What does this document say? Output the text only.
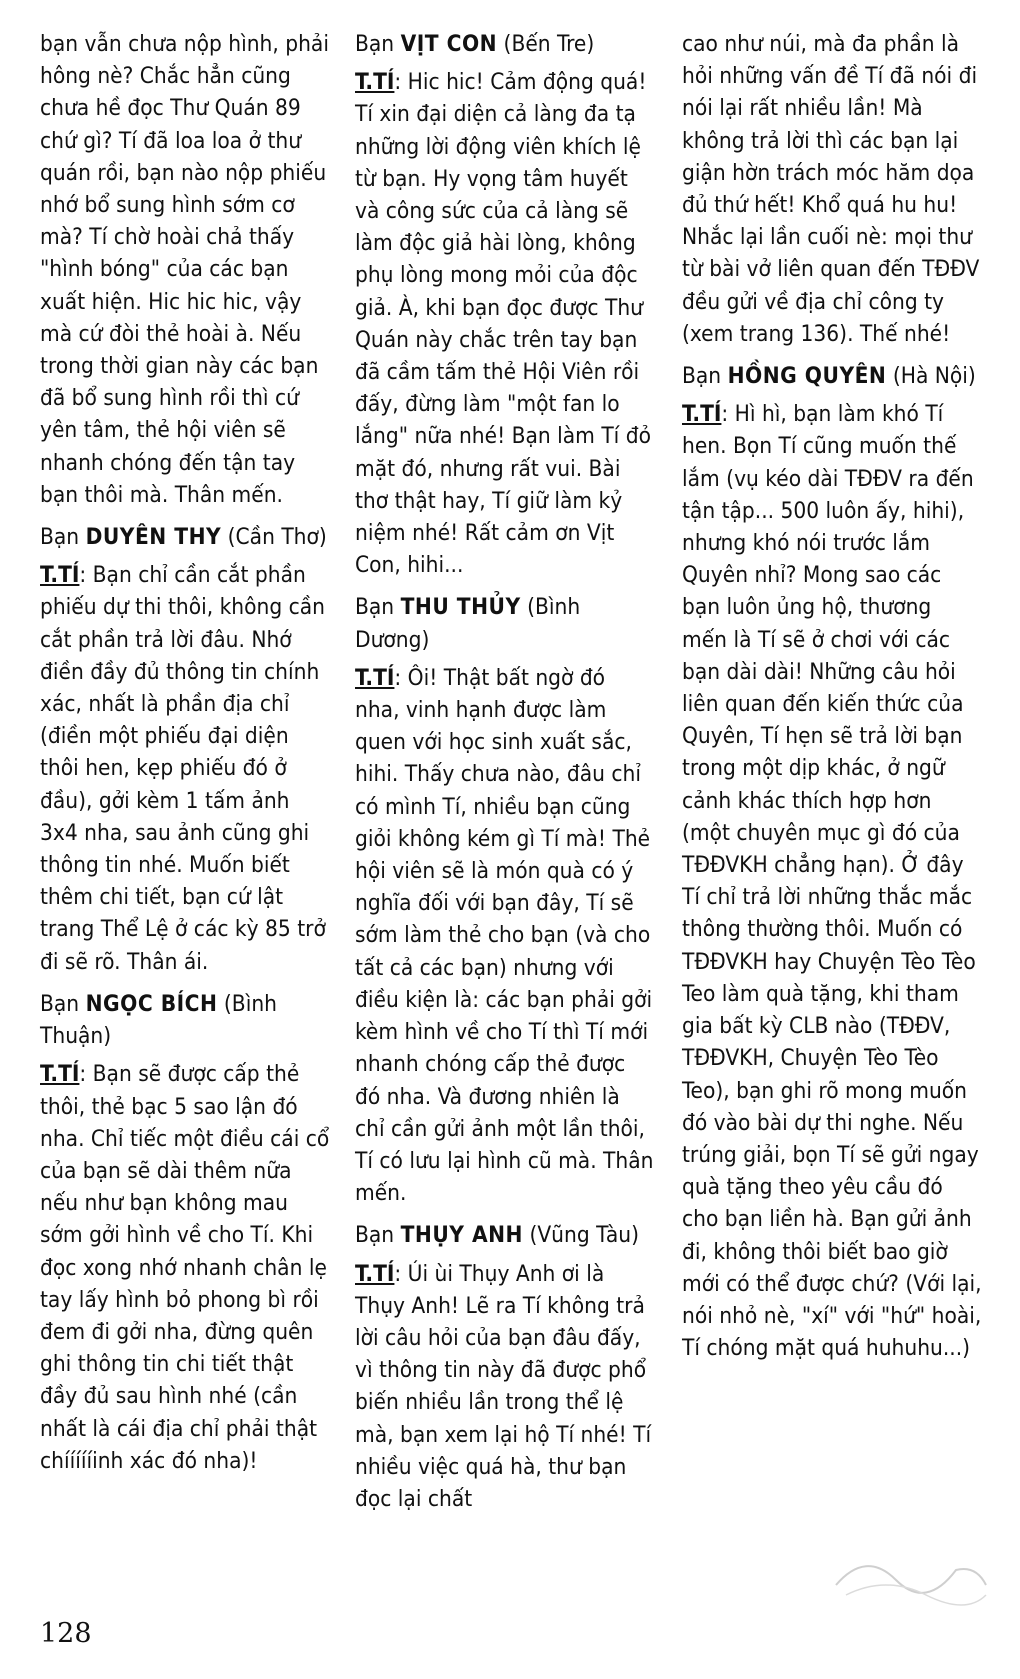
bạn vẫn chưa nộp hình, phải hông nè? Chắc hẳn cũng chưa hề đọc Thư Quán 89 chứ gì? Tí đã loa loa ở thư quán rồi, bạn nào nộp phiếu nhớ bổ sung hình sớm cơ mà? Tí chờ hoài chả thấy "hình bóng" của các bạn xuất hiện. Hic hic hic, vậy mà cứ đòi thẻ hoài à. Nếu trong thời gian này các bạn đã bổ sung hình rồi thì cứ yên tâm, thẻ hội viên sẽ nhanh chóng đến tận tay bạn thôi mà. Thân mến.

Bạn DUYÊN THY (Cần Thơ)

T.TÍ: Bạn chỉ cần cắt phần phiếu dự thi thôi, không cần cắt phần trả lời đâu. Nhớ điền đầy đủ thông tin chính xác, nhất là phần địa chỉ (điền một phiếu đại diện thôi hen, kẹp phiếu đó ở đầu), gởi kèm 1 tấm ảnh 3x4 nha, sau ảnh cũng ghi thông tin nhé. Muốn biết thêm chi tiết, bạn cứ lật trang Thể Lệ ở các kỳ 85 trở đi sẽ rõ. Thân ái.

Bạn NGỌC BÍCH (Bình Thuận)

T.TÍ: Bạn sẽ được cấp thẻ thôi, thẻ bạc 5 sao lận đó nha. Chỉ tiếc một điều cái cổ của bạn sẽ dài thêm nữa nếu như bạn không mau sớm gởi hình về cho Tí. Khi đọc xong nhớ nhanh chân lẹ tay lấy hình bỏ phong bì rồi đem đi gởi nha, đừng quên ghi thông tin chi tiết thật đầy đủ sau hình nhé (cần nhất là cái địa chỉ phải thật chíííííinh xác đó nha)!

Bạn VỊT CON (Bến Tre)

T.TÍ: Hic hic! Cảm động quá! Tí xin đại diện cả làng đa tạ những lời động viên khích lệ từ bạn. Hy vọng tâm huyết và công sức của cả làng sẽ làm độc giả hài lòng, không phụ lòng mong mỏi của độc giả. À, khi bạn đọc được Thư Quán này chắc trên tay bạn đã cầm tấm thẻ Hội Viên rồi đấy, đừng làm "một fan lo lắng" nữa nhé! Bạn làm Tí đỏ mặt đó, nhưng rất vui. Bài thơ thật hay, Tí giữ làm kỷ niệm nhé! Rất cảm ơn Vịt Con, hihi...

Bạn THU THỦY (Bình Dương)

T.TÍ: Ôi! Thật bất ngờ đó nha, vinh hạnh được làm quen với học sinh xuất sắc, hihi. Thấy chưa nào, đâu chỉ có mình Tí, nhiều bạn cũng giỏi không kém gì Tí mà! Thẻ hội viên sẽ là món quà có ý nghĩa đối với bạn đây, Tí sẽ sớm làm thẻ cho bạn (và cho tất cả các bạn) nhưng với điều kiện là: các bạn phải gởi kèm hình về cho Tí thì Tí mới nhanh chóng cấp thẻ được đó nha. Và đương nhiên là chỉ cần gửi ảnh một lần thôi, Tí có lưu lại hình cũ mà. Thân mến.

Bạn THỤY ANH (Vũng Tàu)

T.TÍ: Úi ùi Thụy Anh ơi là Thụy Anh! Lẽ ra Tí không trả lời câu hỏi của bạn đâu đấy, vì thông tin này đã được phổ biến nhiều lần trong thể lệ mà, bạn xem lại hộ Tí nhé! Tí nhiều việc quá hà, thư bạn đọc lại chất

cao như núi, mà đa phần là hỏi những vấn đề Tí đã nói đi nói lại rất nhiều lần! Mà không trả lời thì các bạn lại giận hờn trách móc hăm dọa đủ thứ hết! Khổ quá hu hu! Nhắc lại lần cuối nè: mọi thư từ bài vở liên quan đến TĐĐV đều gửi về địa chỉ công ty (xem trang 136). Thế nhé!

Bạn HỒNG QUYÊN (Hà Nội)

T.TÍ: Hì hì, bạn làm khó Tí hen. Bọn Tí cũng muốn thế lắm (vụ kéo dài TĐĐV ra đến tận tập... 500 luôn ấy, hihi), nhưng khó nói trước lắm Quyên nhỉ? Mong sao các bạn luôn ủng hộ, thương mến là Tí sẽ ở chơi với các bạn dài dài! Những câu hỏi liên quan đến kiến thức của Quyên, Tí hẹn sẽ trả lời bạn trong một dịp khác, ở ngữ cảnh khác thích hợp hơn (một chuyên mục gì đó của TĐĐVKH chẳng hạn). Ở đây Tí chỉ trả lời những thắc mắc thông thường thôi. Muốn có TĐĐVKH hay Chuyện Tèo Tèo Teo làm quà tặng, khi tham gia bất kỳ CLB nào (TĐĐV, TĐĐVKH, Chuyện Tèo Tèo Teo), bạn ghi rõ mong muốn đó vào bài dự thi nghe. Nếu trúng giải, bọn Tí sẽ gửi ngay quà tặng theo yêu cầu đó cho bạn liền hà. Bạn gửi ảnh đi, không thôi biết bao giờ mới có thể được chứ? (Với lại, nói nhỏ nè, "xí" với "hứ" hoài, Tí chóng mặt quá huhuhu...)

128
